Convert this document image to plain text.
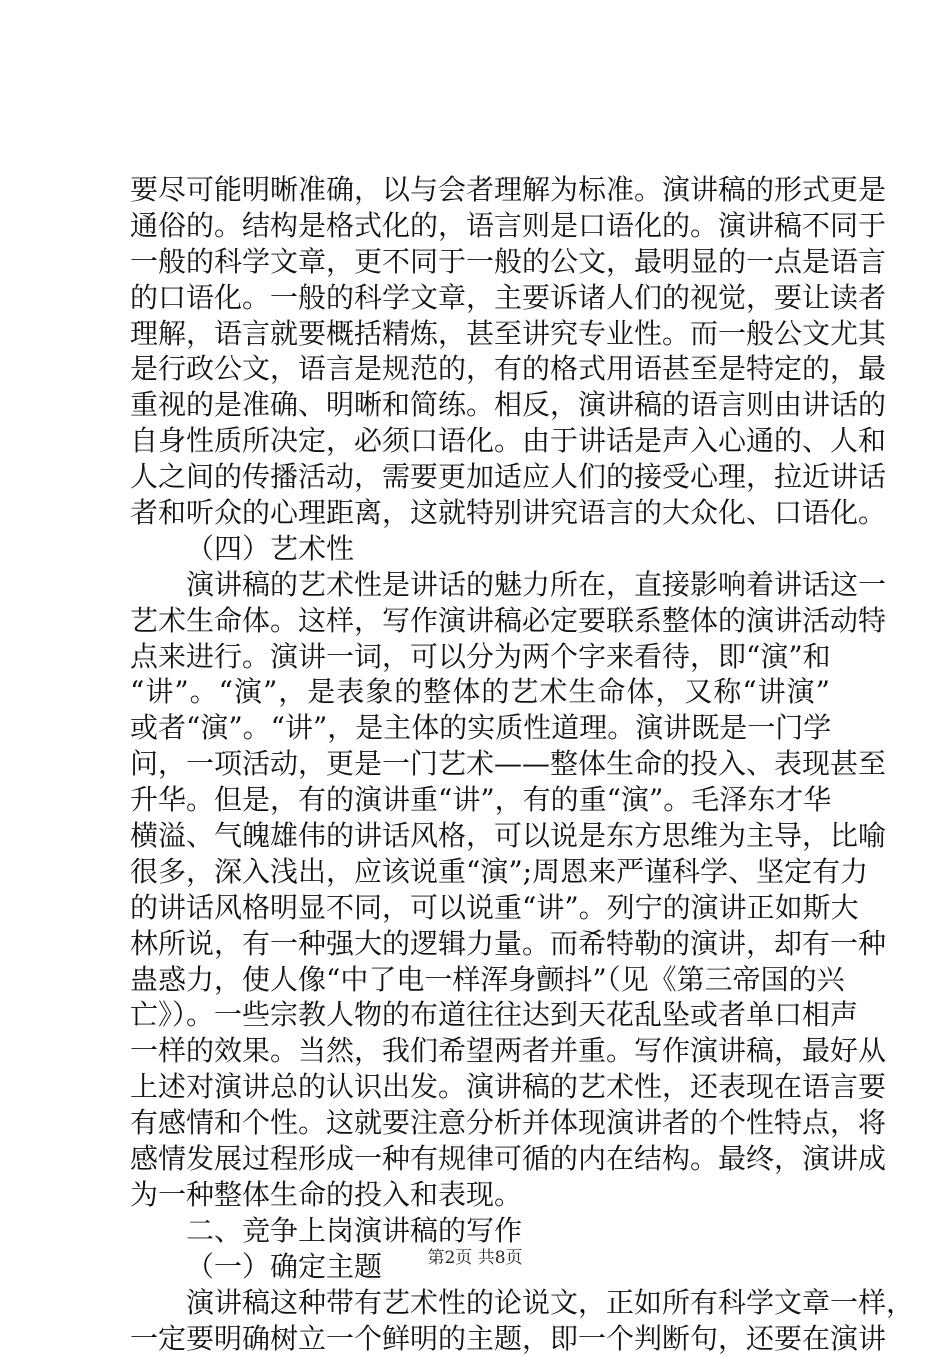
要尽可能明晰准确，以与会者理解为标准。演讲稿的形式更是
通俗的。结构是格式化的，语言则是口语化的。演讲稿不同于
一般的科学文章，更不同于一般的公文，最明显的一点是语言
的口语化。一般的科学文章，主要诉诸人们的视觉，要让读者
理解，语言就要概括精炼，甚至讲究专业性。而一般公文尤其
是行政公文，语言是规范的，有的格式用语甚至是特定的，最
重视的是准确、明晰和简练。相反，演讲稿的语言则由讲话的
自身性质所决定，必须口语化。由于讲话是声入心通的、人和
人之间的传播活动，需要更加适应人们的接受心理，拉近讲话
者和听众的心理距离，这就特别讲究语言的大众化、口语化。
（四）艺术性
演讲稿的艺术性是讲话的魅力所在，直接影响着讲话这一
艺术生命体。这样，写作演讲稿必定要联系整体的演讲活动特
点来进行。演讲一词，可以分为两个字来看待，即“演”和
“讲”。“演”，是表象的整体的艺术生命体，又称“讲演”
或者“演”。“讲”，是主体的实质性道理。演讲既是一门学
问，一项活动，更是一门艺术——整体生命的投入、表现甚至
升华。但是，有的演讲重“讲”，有的重“演”。毛泽东才华
横溢、气魄雄伟的讲话风格，可以说是东方思维为主导，比喻
很多，深入浅出，应该说重“演”;周恩来严谨科学、坚定有力
的讲话风格明显不同，可以说重“讲”。列宁的演讲正如斯大
林所说，有一种强大的逻辑力量。而希特勒的演讲，却有一种
蛊惑力，使人像“中了电一样浑身颤抖”（见《第三帝国的兴
亡》）。一些宗教人物的布道往往达到天花乱坠或者单口相声
一样的效果。当然，我们希望两者并重。写作演讲稿，最好从
上述对演讲总的认识出发。演讲稿的艺术性，还表现在语言要
有感情和个性。这就要注意分析并体现演讲者的个性特点，将
感情发展过程形成一种有规律可循的内在结构。最终，演讲成
为一种整体生命的投入和表现。
二、竞争上岗演讲稿的写作
（一）确定主题
演讲稿这种带有艺术性的论说文，正如所有科学文章一样，
一定要明确树立一个鲜明的主题，即一个判断句，还要在演讲
第2页 共8页
